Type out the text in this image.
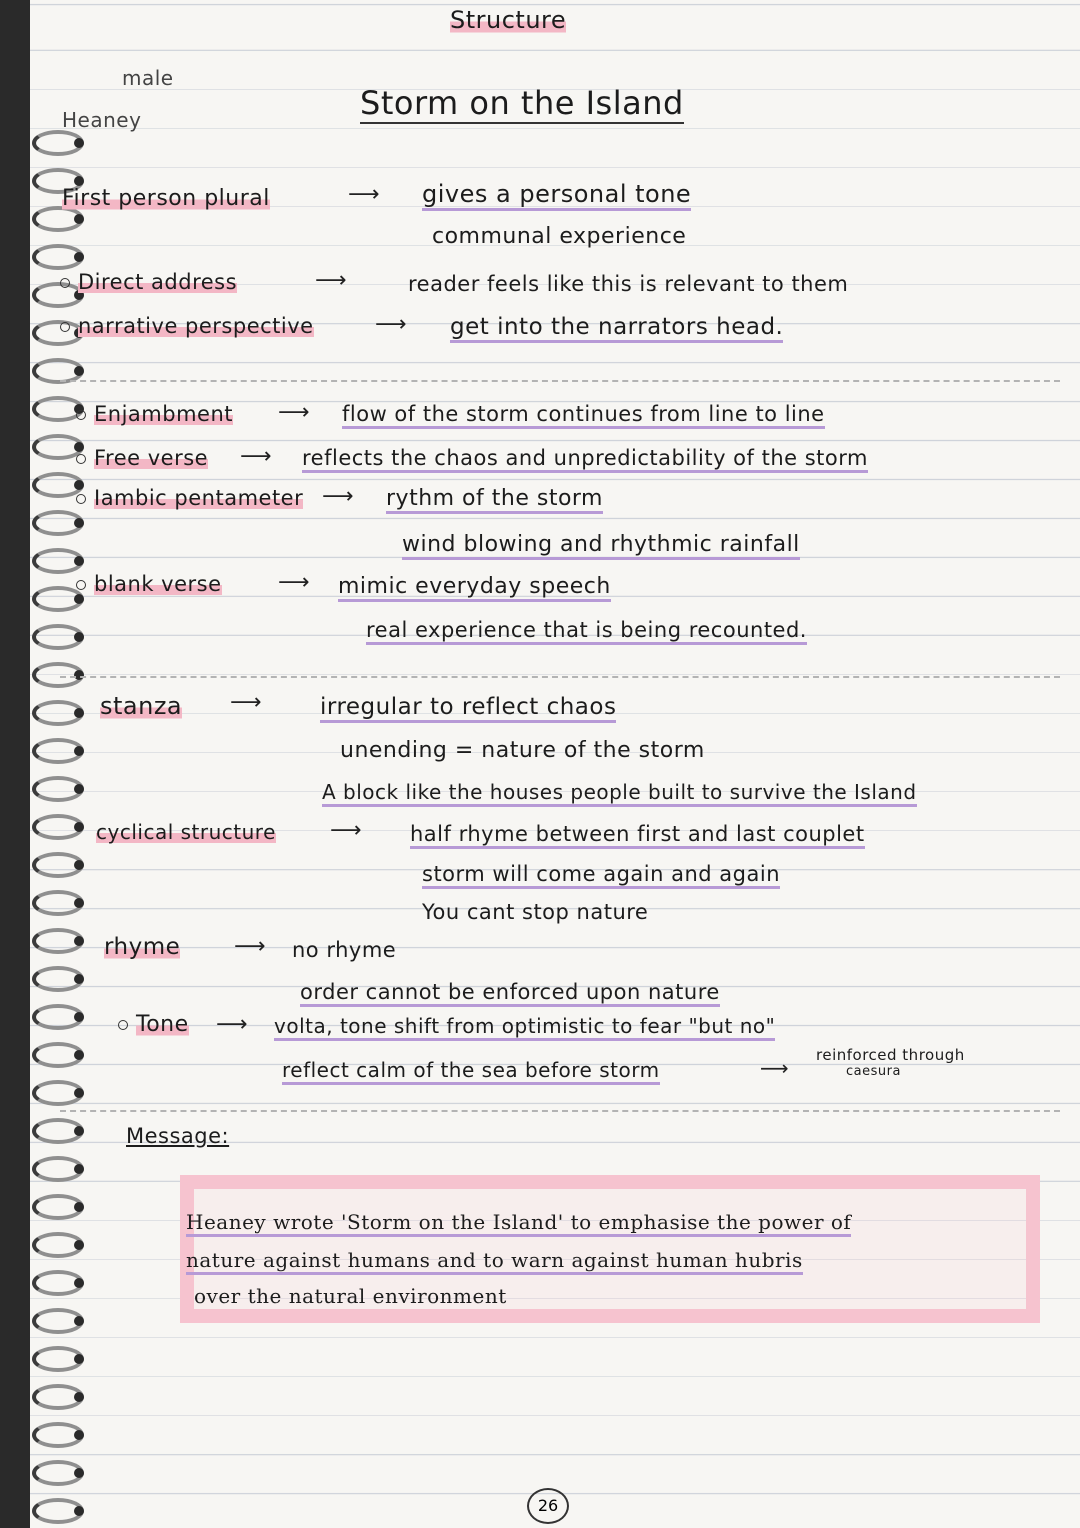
Structure
male
Heaney	Storm on the Island
First person plural	⟶ gives a personal tone
communal experience
Direct address	⟶	reader feels like this is relevant to them
narrative perspective	⟶ get into the narrators head.
Enjambment ⟶ flow of the storm continues from line to line
Free verse ⟶ reflects the chaos and unpredictability of the storm
Iambic pentameter ⟶ rythm of the storm
wind blowing and rhythmic rainfall
blank verse	⟶ mimic everyday speech
real experience that is being recounted.
stanza ⟶	irregular to reflect chaos
unending = nature of the storm
A block like the houses people built to survive the Island
cyclical structure ⟶ half rhyme between first and last couplet
storm will come again and again
You cant stop nature
rhyme ⟶ no rhyme
order cannot be enforced upon nature
Tone ⟶ volta, tone shift from optimistic to fear "but no"
reflect calm of the sea before storm	⟶
reinforced through
caesura
Message:
Heaney wrote 'Storm on the Island' to emphasise the power of
nature against humans and to warn against human hubris
over the natural environment
26
